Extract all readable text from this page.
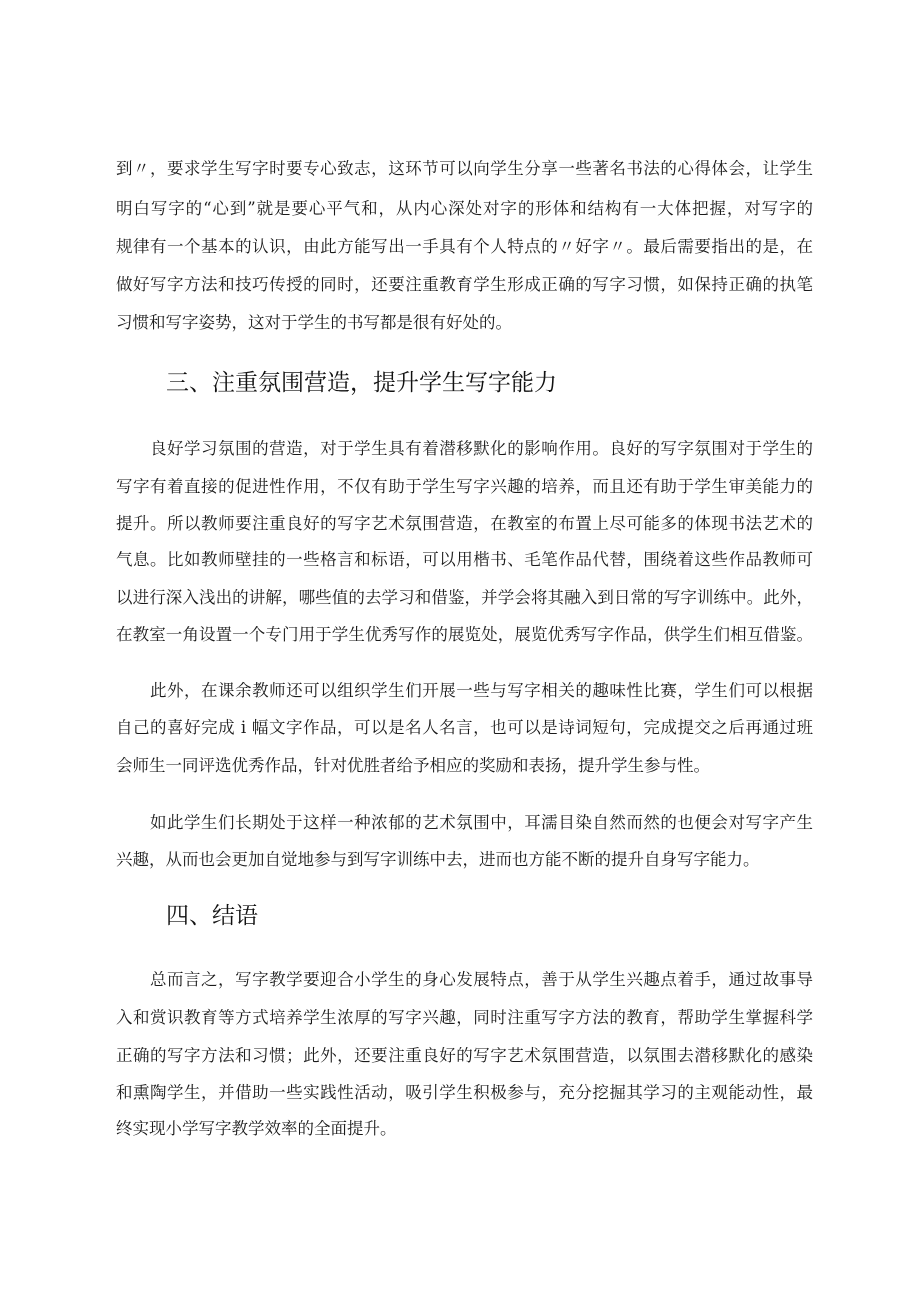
到〃，要求学生写字时要专心致志，这环节可以向学生分享一些著名书法的心得体会，让学生
明白写字的“心到”就是要心平气和，从内心深处对字的形体和结构有一大体把握，对写字的
规律有一个基本的认识，由此方能写出一手具有个人特点的〃好字〃。最后需要指出的是，在
做好写字方法和技巧传授的同时，还要注重教育学生形成正确的写字习惯，如保持正确的执笔
习惯和写字姿势，这对于学生的书写都是很有好处的。
三、注重氛围营造，提升学生写字能力
良好学习氛围的营造，对于学生具有着潜移默化的影响作用。良好的写字氛围对于学生的
写字有着直接的促进性作用，不仅有助于学生写字兴趣的培养，而且还有助于学生审美能力的
提升。所以教师要注重良好的写字艺术氛围营造，在教室的布置上尽可能多的体现书法艺术的
气息。比如教师壁挂的一些格言和标语，可以用楷书、毛笔作品代替，围绕着这些作品教师可
以进行深入浅出的讲解，哪些值的去学习和借鉴，并学会将其融入到日常的写字训练中。此外，
在教室一角设置一个专门用于学生优秀写作的展览处，展览优秀写字作品，供学生们相互借鉴。
此外，在课余教师还可以组织学生们开展一些与写字相关的趣味性比赛，学生们可以根据
自己的喜好完成 i 幅文字作品，可以是名人名言，也可以是诗词短句，完成提交之后再通过班
会师生一同评选优秀作品，针对优胜者给予相应的奖励和表扬，提升学生参与性。
如此学生们长期处于这样一种浓郁的艺术氛围中，耳濡目染自然而然的也便会对写字产生
兴趣，从而也会更加自觉地参与到写字训练中去，进而也方能不断的提升自身写字能力。
四、结语
总而言之，写字教学要迎合小学生的身心发展特点，善于从学生兴趣点着手，通过故事导
入和赏识教育等方式培养学生浓厚的写字兴趣，同时注重写字方法的教育，帮助学生掌握科学
正确的写字方法和习惯；此外，还要注重良好的写字艺术氛围营造，以氛围去潜移默化的感染
和熏陶学生，并借助一些实践性活动，吸引学生积极参与，充分挖掘其学习的主观能动性，最
终实现小学写字教学效率的全面提升。
